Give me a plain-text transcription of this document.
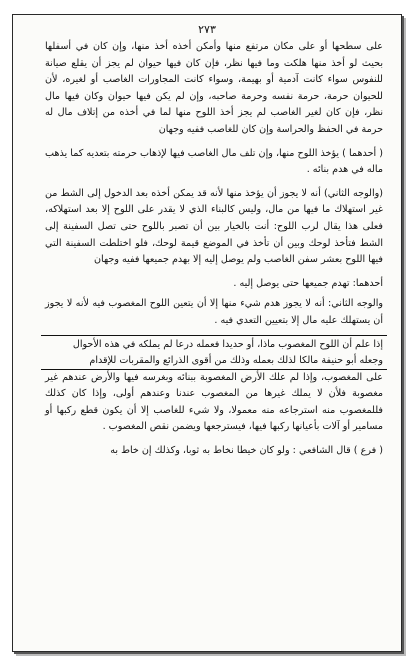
٢٧٣

على سطحها أو على مكان مرتفع منها وأمكن أخذه أخذ منها، وإن كان في أسفلها بحيث لو أخذ منها هلكت وما فيها نظر، فإن كان فيها حيوان لم يجز أن يقلع صيانة للنفوس سواء كانت آدمية أو بهيمة، وسواء كانت المجاورات الغاصب أو لغيره، لأن للحيوان حرمة، حرمة نفسه وحرمة صاحبه، وإن لم يكن فيها حيوان وكان فيها مال نظر، فإن كان لغير الغاصب لم يجز أخذ اللوح منها لما في أخذه من إتلاف مال له حرمة في الحفظ والحراسة وإن كان للغاصب ففيه وجهان

( أحدهما ) يؤخذ اللوح منها، وإن تلف مال الغاصب فيها لإذهاب حرمته بتعديه كما يذهب ماله في هدم بنائه .

(والوجه الثاني) أنه لا يجوز أن يؤخذ منها لأنه قد يمكن أخذه بعد الدخول إلى الشط من غير استهلاك ما فيها من مال، وليس كالبناء الذي لا يقدر على اللوح إلا بعد استهلاكه، فعلى هذا يقال لرب اللوح: أنت بالخيار بين أن تصبر باللوح حتى تصل السفينة إلى الشط فتأخذ لوحك وبين أن تأخذ في الموضع قيمة لوحك، فلو اختلطت السفينة التي فيها اللوح بعشر سفن الغاصب ولم يوصل إليه إلا بهدم جميعها ففيه وجهان

أحدهما: تهدم جميعها حتى يوصل إليه .

والوجه الثاني: أنه لا يجوز هدم شيء منها إلا أن يتعين اللوح المغصوب فيه لأنه لا يجوز أن يستهلك عليه مال إلا بتعيين التعدي فيه .

إذا علم أن اللوح المغصوب ماذا، أو حديدا فعمله درعا لم يملكه في هذه الأحوال

وجعله أبو حنيفة مالكا لذلك بعمله وذلك من أقوى الذرائع والمقربات للإقدام

على المغصوب، وإذا لم علك الأرض المغصوبة ببنائه وبغرسه فيها والأرض عندهم غير مغصوبة فلأن لا يملك غيرها من المغصوب عندنا وعندهم أولى، وإذا كان كذلك فللمغصوب منه استرجاعه منه معمولا، ولا شيء للغاصب إلا أن يكون قطع ركبها أو مسامير أو آلات بأعيانها ركبها فيها، فيسترجعها ويضمن نقص المغصوب .

( فرع ) قال الشافعي : ولو كان خيطا نخاط به ثوبا، وكذلك إن خاط به
